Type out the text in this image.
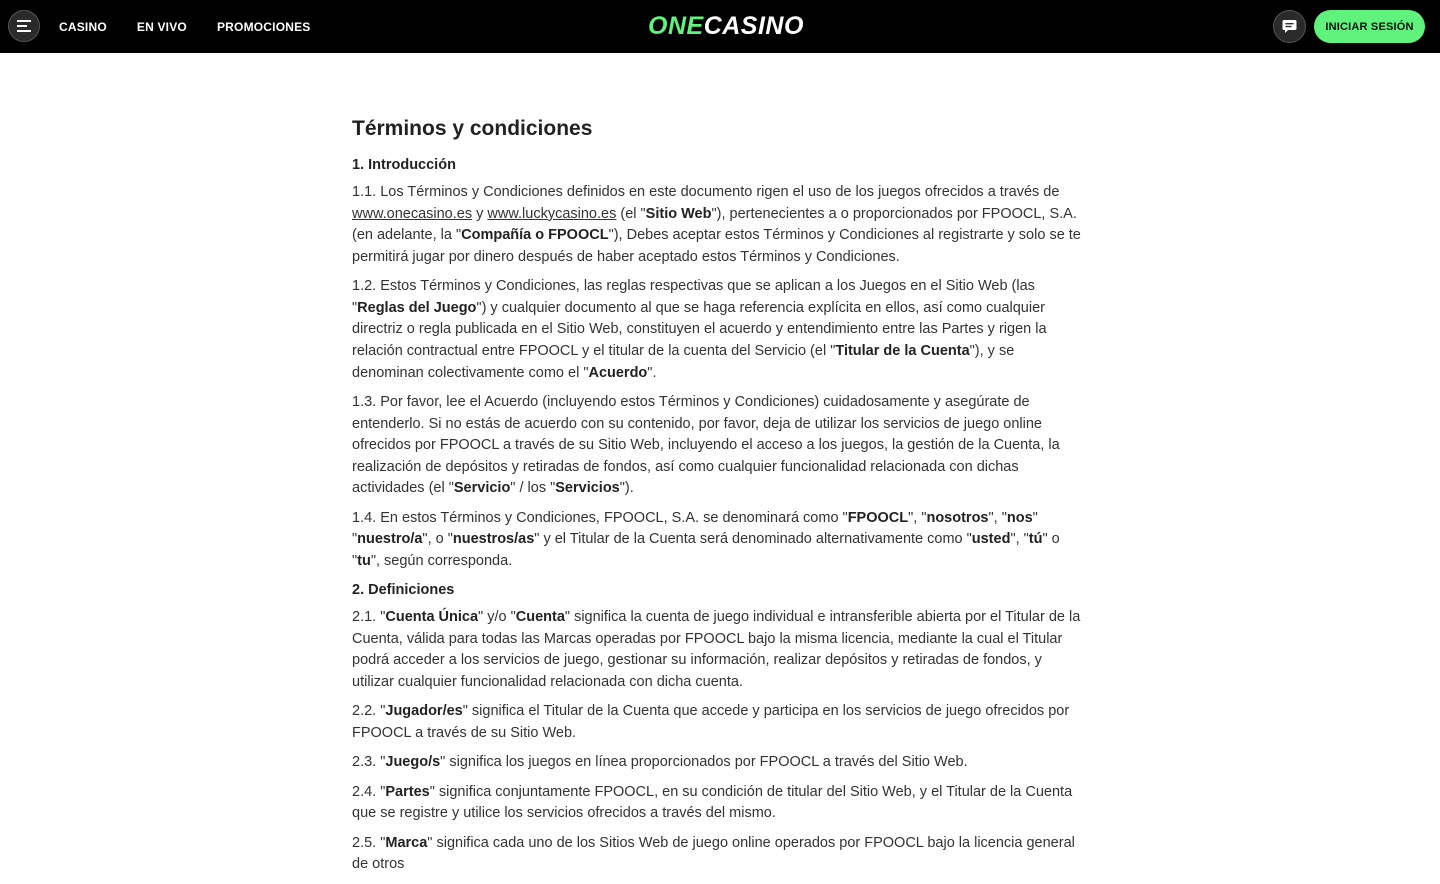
CASINO	EN VIVO	PROMOCIONES	ONE CASINO	INICIAR SESIÓN
Términos y condiciones
1. Introducción

1.1. Los Términos y Condiciones definidos en este documento rigen el uso de los juegos ofrecidos a través de www.onecasino.es y www.luckycasino.es (el "Sitio Web"), pertenecientes a o proporcionados por FPOOCL, S.A. (en adelante, la "Compañía o FPOOCL"), Debes aceptar estos Términos y Condiciones al registrarte y solo se te permitirá jugar por dinero después de haber aceptado estos Términos y Condiciones.

1.2. Estos Términos y Condiciones, las reglas respectivas que se aplican a los Juegos en el Sitio Web (las "Reglas del Juego") y cualquier documento al que se haga referencia explícita en ellos, así como cualquier directriz o regla publicada en el Sitio Web, constituyen el acuerdo y entendimiento entre las Partes y rigen la relación contractual entre FPOOCL y el titular de la cuenta del Servicio (el "Titular de la Cuenta"), y se denominan colectivamente como el "Acuerdo".

1.3. Por favor, lee el Acuerdo (incluyendo estos Términos y Condiciones) cuidadosamente y asegúrate de entenderlo. Si no estás de acuerdo con su contenido, por favor, deja de utilizar los servicios de juego online ofrecidos por FPOOCL a través de su Sitio Web, incluyendo el acceso a los juegos, la gestión de la Cuenta, la realización de depósitos y retiradas de fondos, así como cualquier funcionalidad relacionada con dichas actividades (el "Servicio" / los "Servicios").

1.4. En estos Términos y Condiciones, FPOOCL, S.A. se denominará como "FPOOCL", "nosotros", "nos" "nuestro/a", o "nuestros/as" y el Titular de la Cuenta será denominado alternativamente como "usted", "tú" o "tu", según corresponda.

2. Definiciones

2.1. "Cuenta Única" y/o "Cuenta" significa la cuenta de juego individual e intransferible abierta por el Titular de la Cuenta, válida para todas las Marcas operadas por FPOOCL bajo la misma licencia, mediante la cual el Titular podrá acceder a los servicios de juego, gestionar su información, realizar depósitos y retiradas de fondos, y utilizar cualquier funcionalidad relacionada con dicha cuenta.

2.2. "Jugador/es" significa el Titular de la Cuenta que accede y participa en los servicios de juego ofrecidos por FPOOCL a través de su Sitio Web.

2.3. "Juego/s" significa los juegos en línea proporcionados por FPOOCL a través del Sitio Web.

2.4. "Partes" significa conjuntamente FPOOCL, en su condición de titular del Sitio Web, y el Titular de la Cuenta que se registre y utilice los servicios ofrecidos a través del mismo.

2.5. "Marca" significa cada uno de los Sitios Web de juego online operados por FPOOCL bajo la licencia general de otros
